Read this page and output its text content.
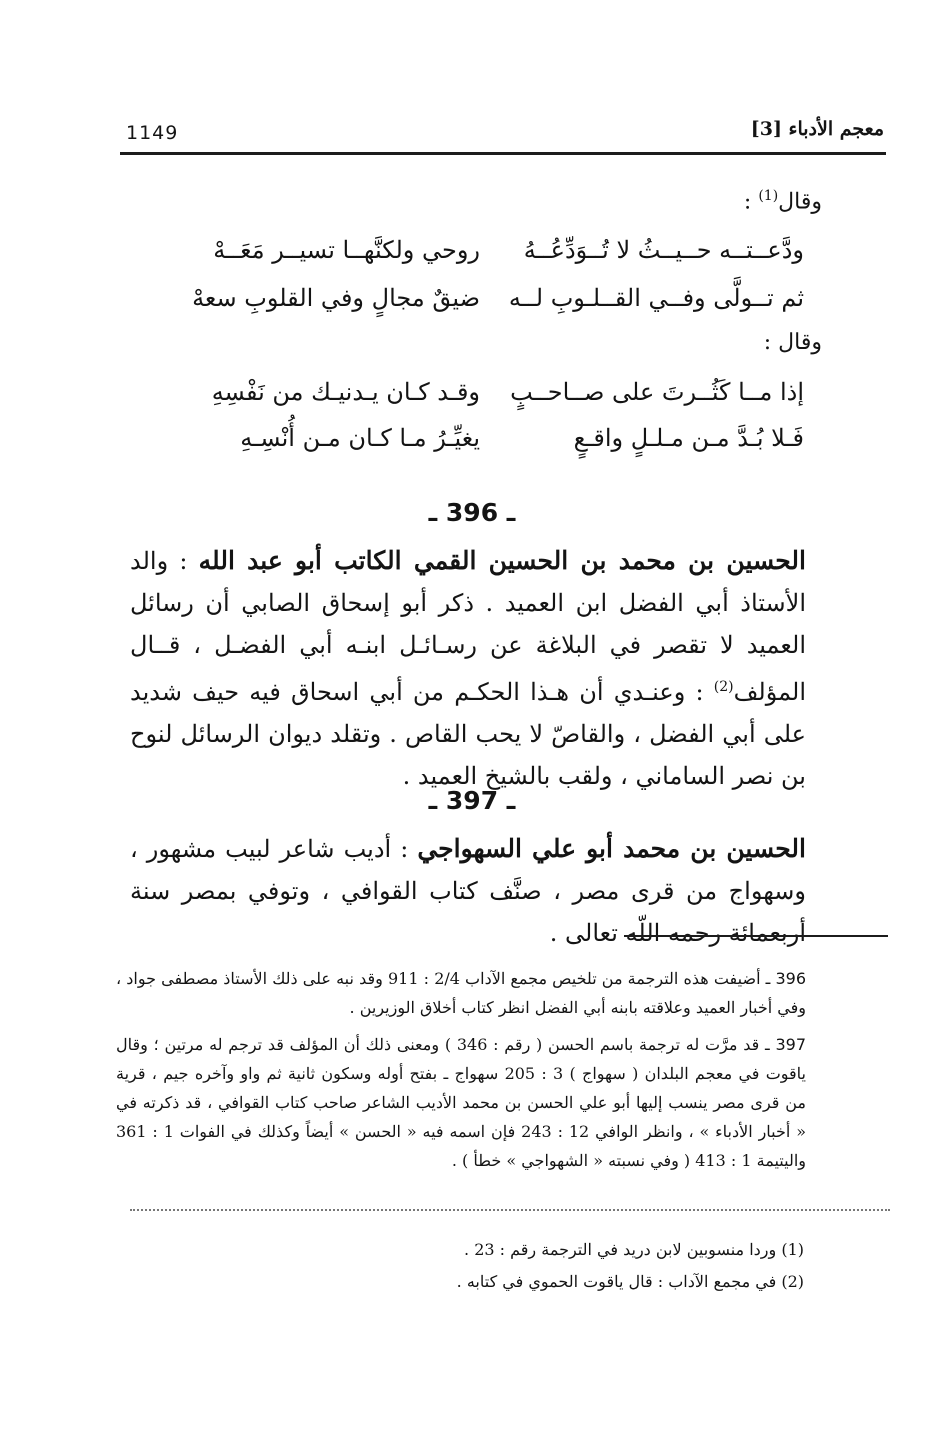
معجم الأدباء [3]
1149
وقال$^{(1)}$ :
ودَّعــتــه حــيــثُ لا تُــوَدِّعُــهُ
روحي ولكنَّهــا تسيــر مَعَــهْ
ثم تــولَّى وفــي القــلـوبِ لــه
ضيقٌ مجالٍ وفي القلوبِ سعهْ
وقال :
إذا مــا كَثُــرتَ على صــاحــبٍ
وقـد كـان يـدنيـك من نَفْسِهِ
فَـلا بُـدَّ مـن مـلـلٍ واقـعٍ
يغيِّـرُ مـا كـان مـن أُنْسِـهِ
ـ 396 ـ
الحسين بن محمد بن الحسين القمي الكاتب أبو عبد الله : والد الأستاذ أبي الفضل ابن العميد . ذكر أبو إسحاق الصابي أن رسائل العميد لا تقصر في البلاغة عن رسـائـل ابنـه أبي الفضـل ، قــال المؤلف$^{(2)}$ : وعنـدي أن هـذا الحكـم من أبي اسحاق فيه حيف شديد على أبي الفضل ، والقاصّ لا يحب القاص . وتقلد ديوان الرسائل لنوح بن نصر الساماني ، ولقب بالشيخ العميد .
ـ 397 ـ
الحسين بن محمد أبو علي السهواجي : أديب شاعر لبيب مشهور ، وسهواج من قرى مصر ، صنَّف كتاب القوافي ، وتوفي بمصر سنة أربعمائة رحمه اللّه تعالى .
396 ـ أضيفت هذه الترجمة من تلخيص مجمع الآداب 2/4 : 911 وقد نبه على ذلك الأستاذ مصطفى جواد ، وفي أخبار العميد وعلاقته بابنه أبي الفضل انظر كتاب أخلاق الوزيرين .
397 ـ قد مرَّت له ترجمة باسم الحسن ( رقم : 346 ) ومعنى ذلك أن المؤلف قد ترجم له مرتين ؛ وقال ياقوت في معجم البلدان ( سهواج ) 3 : 205 سهواج ـ بفتح أوله وسكون ثانية ثم واو وآخره جيم ، قرية من قرى مصر ينسب إليها أبو علي الحسن بن محمد الأديب الشاعر صاحب كتاب القوافي ، قد ذكرته في « أخبار الأدباء » ، وانظر الوافي 12 : 243 فإن اسمه فيه « الحسن » أيضاً وكذلك في الفوات 1 : 361 واليتيمة 1 : 413 ( وفي نسبته « الشهواجي » خطأ ) .
(1) وردا منسوبين لابن دريد في الترجمة رقم : 23 .
(2) في مجمع الآداب : قال ياقوت الحموي في كتابه .
